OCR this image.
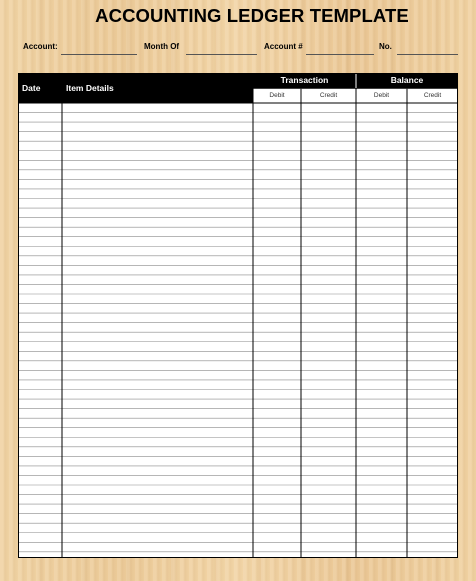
ACCOUNTING LEDGER TEMPLATE
Account:	Month Of	Account #	No.
Date	Item Details
Transaction	Balance
Debit	Credit	Debit	Credit
